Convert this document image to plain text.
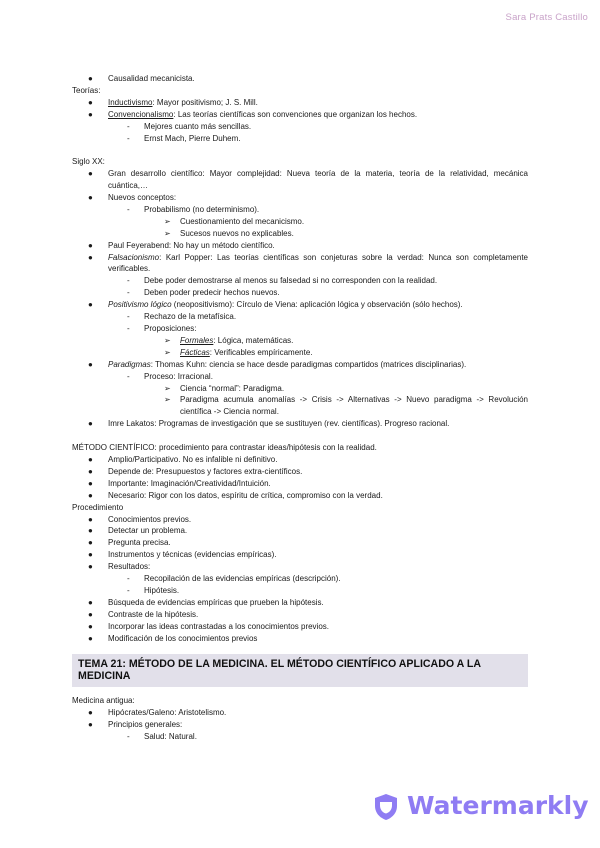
Sara Prats Castillo
● Causalidad mecanicista.
Teorías:
● Inductivismo: Mayor positivismo; J. S. Mill.
● Convencionalismo: Las teorías científicas son convenciones que organizan los hechos.
- Mejores cuanto más sencillas.
- Ernst Mach, Pierre Duhem.
Siglo XX:
● Gran desarrollo científico: Mayor complejidad: Nueva teoría de la materia, teoría de la relatividad, mecánica cuántica,…
● Nuevos conceptos:
- Probabilismo (no determinismo).
➢ Cuestionamiento del mecanicismo.
➢ Sucesos nuevos no explicables.
● Paul Feyerabend: No hay un método científico.
● Falsacionismo: Karl Popper: Las teorías científicas son conjeturas sobre la verdad: Nunca son completamente verificables.
- Debe poder demostrarse al menos su falsedad si no corresponden con la realidad.
- Deben poder predecir hechos nuevos.
● Positivismo lógico (neopositivismo): Círculo de Viena: aplicación lógica y observación (sólo hechos).
- Rechazo de la metafísica.
- Proposiciones:
➢ Formales: Lógica, matemáticas.
➢ Fácticas: Verificables empíricamente.
● Paradigmas: Thomas Kuhn: ciencia se hace desde paradigmas compartidos (matrices disciplinarias).
- Proceso: Irracional.
➢ Ciencia “normal”: Paradigma.
➢ Paradigma acumula anomalías -> Crisis -> Alternativas -> Nuevo paradigma -> Revolución científica -> Ciencia normal.
● Imre Lakatos: Programas de investigación que se sustituyen (rev. científicas). Progreso racional.
MÉTODO CIENTÍFICO: procedimiento para contrastar ideas/hipótesis con la realidad.
● Amplio/Participativo. No es infalible ni definitivo.
● Depende de: Presupuestos y factores extra-científicos.
● Importante: Imaginación/Creatividad/Intuición.
● Necesario: Rigor con los datos, espíritu de crítica, compromiso con la verdad.
Procedimiento
● Conocimientos previos.
● Detectar un problema.
● Pregunta precisa.
● Instrumentos y técnicas (evidencias empíricas).
● Resultados:
- Recopilación de las evidencias empíricas (descripción).
- Hipótesis.
● Búsqueda de evidencias empíricas que prueben la hipótesis.
● Contraste de la hipótesis.
● Incorporar las ideas contrastadas a los conocimientos previos.
● Modificación de los conocimientos previos
TEMA 21: MÉTODO DE LA MEDICINA. EL MÉTODO CIENTÍFICO APLICADO A LA MEDICINA
Medicina antigua:
● Hipócrates/Galeno: Aristotelismo.
● Principios generales:
- Salud: Natural.
Watermarkly
